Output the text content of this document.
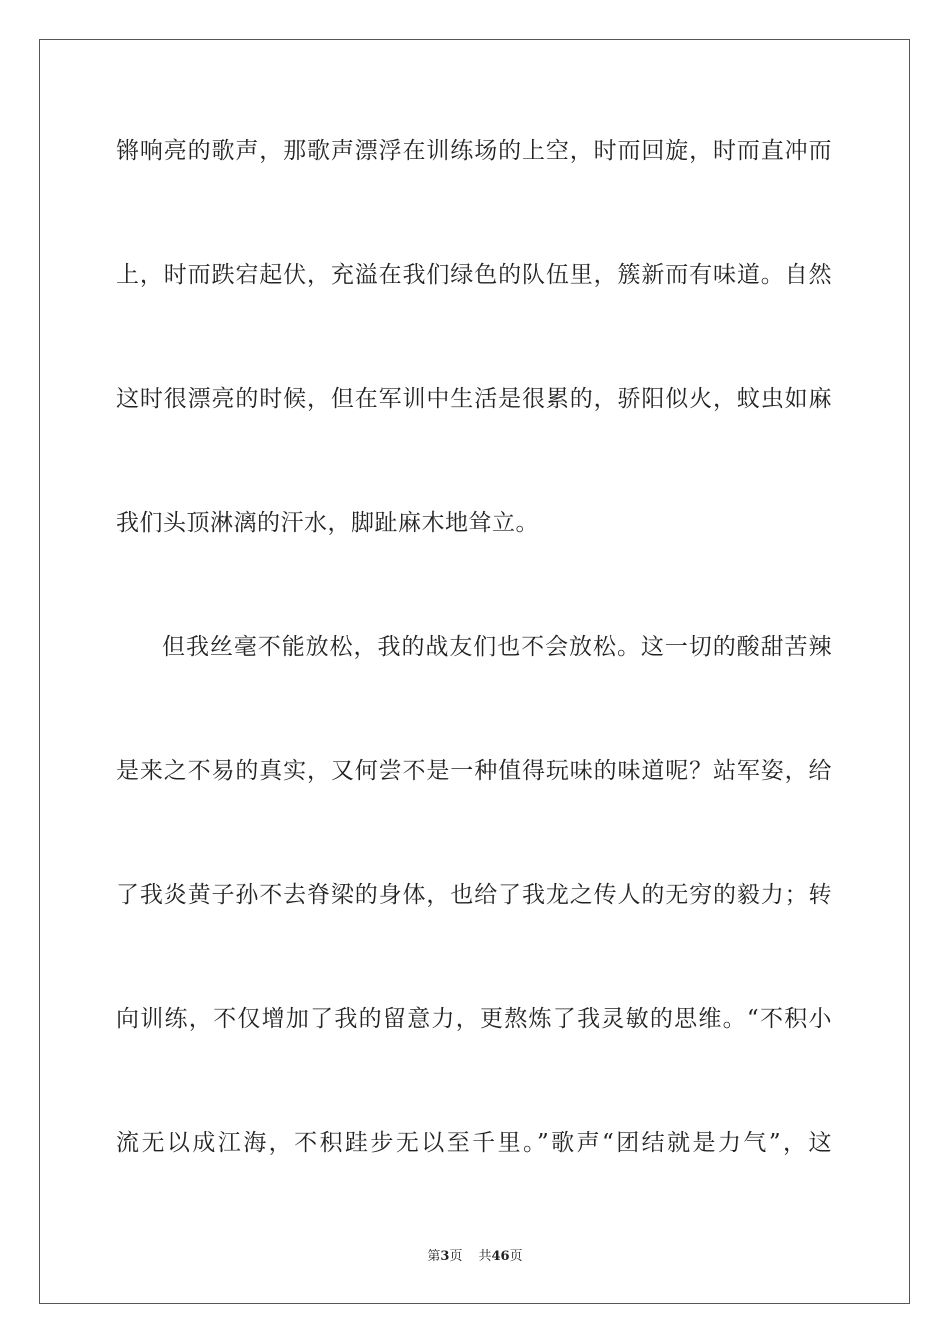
锵响亮的歌声，那歌声漂浮在训练场的上空，时而回旋，时而直冲而
上，时而跌宕起伏，充溢在我们绿色的队伍里，簇新而有味道。自然
这时很漂亮的时候，但在军训中生活是很累的，骄阳似火，蚊虫如麻
我们头顶淋漓的汗水，脚趾麻木地耸立。
但我丝毫不能放松，我的战友们也不会放松。这一切的酸甜苦辣
是来之不易的真实，又何尝不是一种值得玩味的味道呢？站军姿，给
了我炎黄子孙不去脊梁的身体，也给了我龙之传人的无穷的毅力；转
向训练，不仅增加了我的留意力，更熬炼了我灵敏的思维。“不积小
流无以成江海，不积跬步无以至千里。”歌声“团结就是力气”，这
第3页 共46页
